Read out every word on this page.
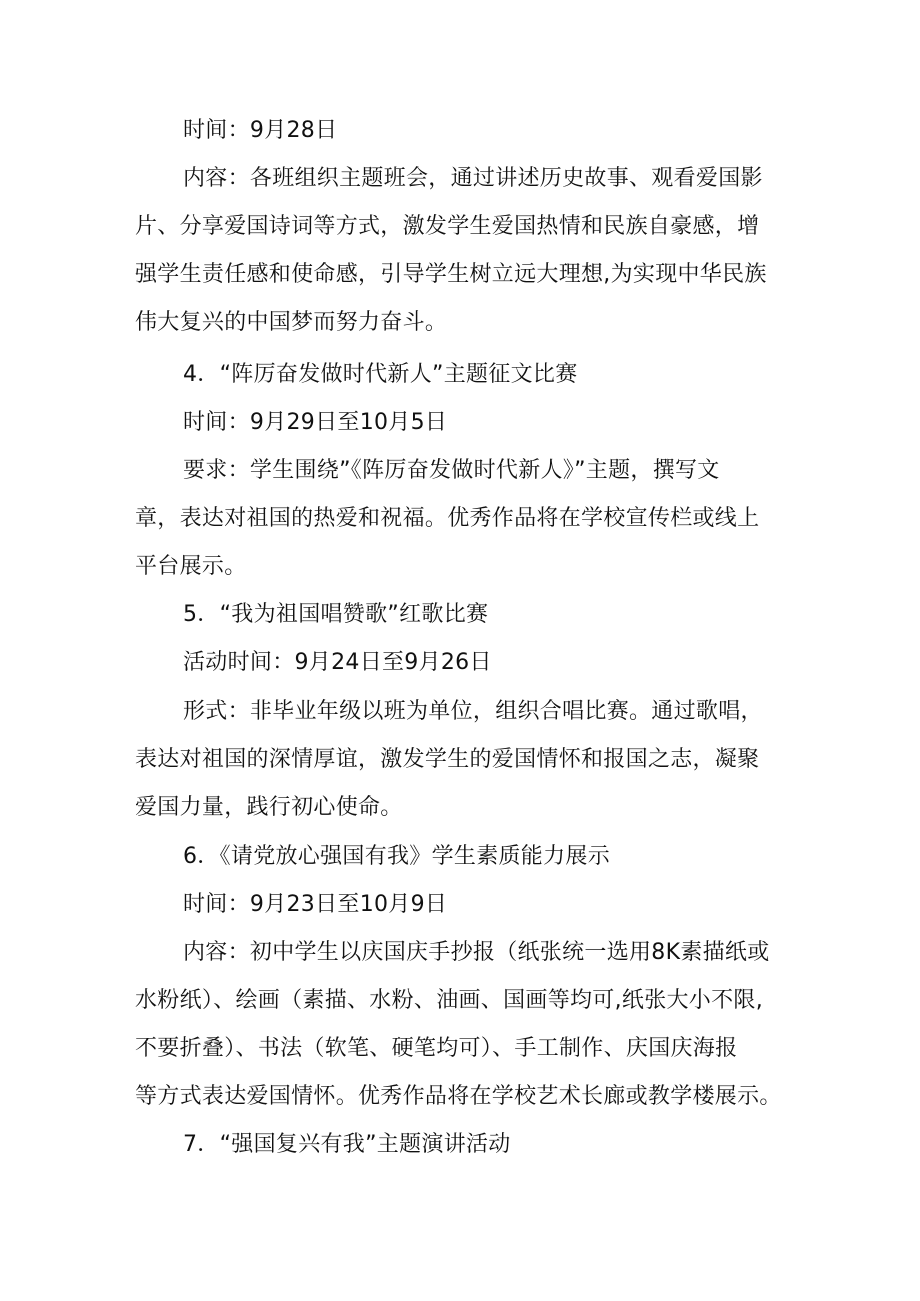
时间：9月28日
内容：各班组织主题班会，通过讲述历史故事、观看爱国影
片、分享爱国诗词等方式，激发学生爱国热情和民族自豪感，增
强学生责任感和使命感，引导学生树立远大理想,为实现中华民族
伟大复兴的中国梦而努力奋斗。
4．“阵厉奋发做时代新人”主题征文比赛
时间：9月29日至10月5日
要求：学生围绕”《阵厉奋发做时代新人》”主题，撰写文
章，表达对祖国的热爱和祝福。优秀作品将在学校宣传栏或线上
平台展示。
5．“我为祖国唱赞歌”红歌比赛
活动时间：9月24日至9月26日
形式：非毕业年级以班为单位，组织合唱比赛。通过歌唱，
表达对祖国的深情厚谊，激发学生的爱国情怀和报国之志，凝聚
爱国力量，践行初心使命。
6．《请党放心强国有我》学生素质能力展示
时间：9月23日至10月9日
内容：初中学生以庆国庆手抄报（纸张统一选用8K素描纸或
水粉纸）、绘画（素描、水粉、油画、国画等均可,纸张大小不限,
不要折叠）、书法（软笔、硬笔均可）、手工制作、庆国庆海报
等方式表达爱国情怀。优秀作品将在学校艺术长廊或教学楼展示。
7．“强国复兴有我”主题演讲活动
